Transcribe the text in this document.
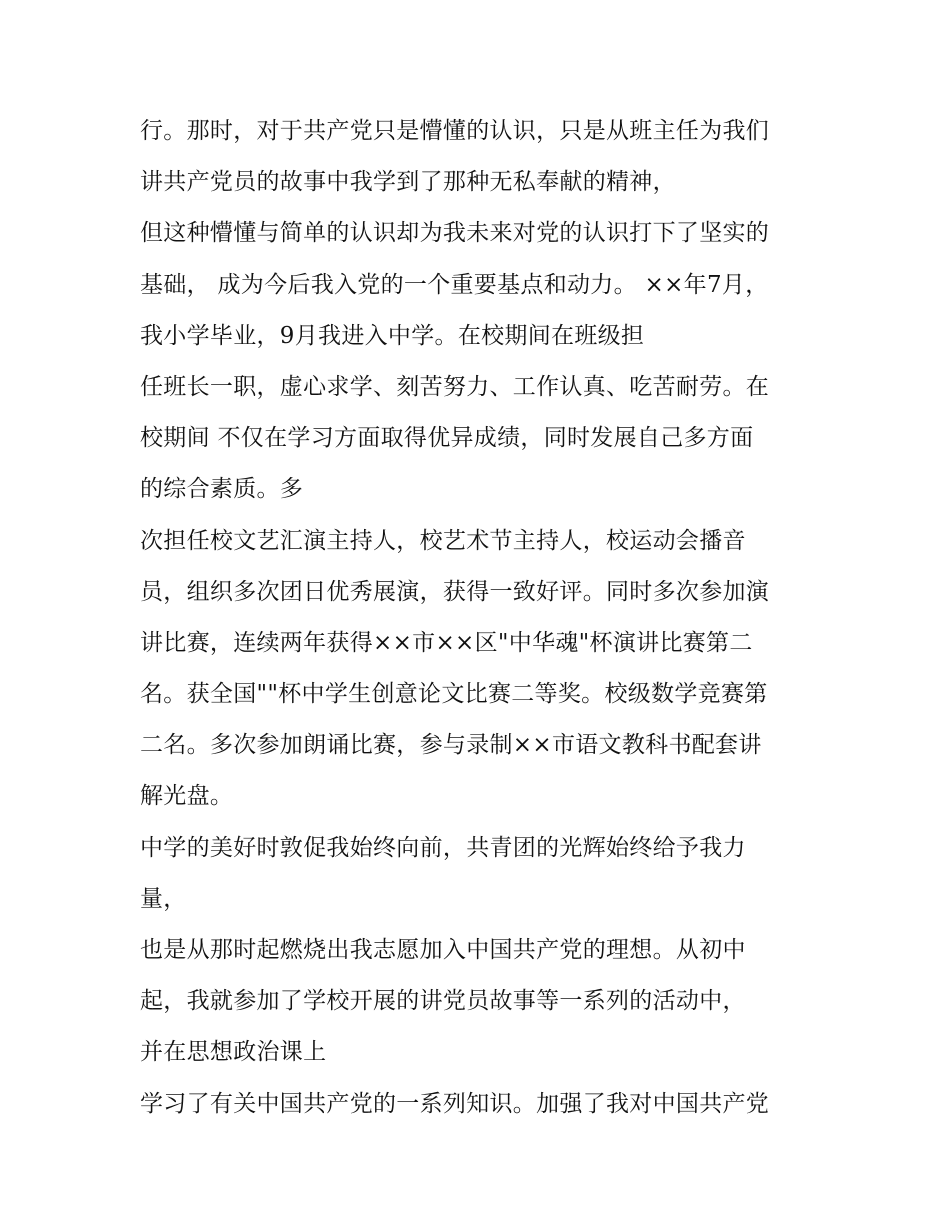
行。那时，对于共产党只是懵懂的认识，只是从班主任为我们
讲共产党员的故事中我学到了那种无私奉献的精神，
但这种懵懂与简单的认识却为我未来对党的认识打下了坚实的
基础， 成为今后我入党的一个重要基点和动力。 ××年7月，
我小学毕业，9月我进入中学。在校期间在班级担
任班长一职，虚心求学、刻苦努力、工作认真、吃苦耐劳。在
校期间 不仅在学习方面取得优异成绩，同时发展自己多方面
的综合素质。多
次担任校文艺汇演主持人，校艺术节主持人，校运动会播音
员，组织多次团日优秀展演，获得一致好评。同时多次参加演
讲比赛，连续两年获得××市××区"中华魂"杯演讲比赛第二
名。获全国""杯中学生创意论文比赛二等奖。校级数学竞赛第
二名。多次参加朗诵比赛，参与录制××市语文教科书配套讲
解光盘。
中学的美好时敦促我始终向前，共青团的光辉始终给予我力
量，
也是从那时起燃烧出我志愿加入中国共产党的理想。从初中
起，我就参加了学校开展的讲党员故事等一系列的活动中，
并在思想政治课上
学习了有关中国共产党的一系列知识。加强了我对中国共产党
